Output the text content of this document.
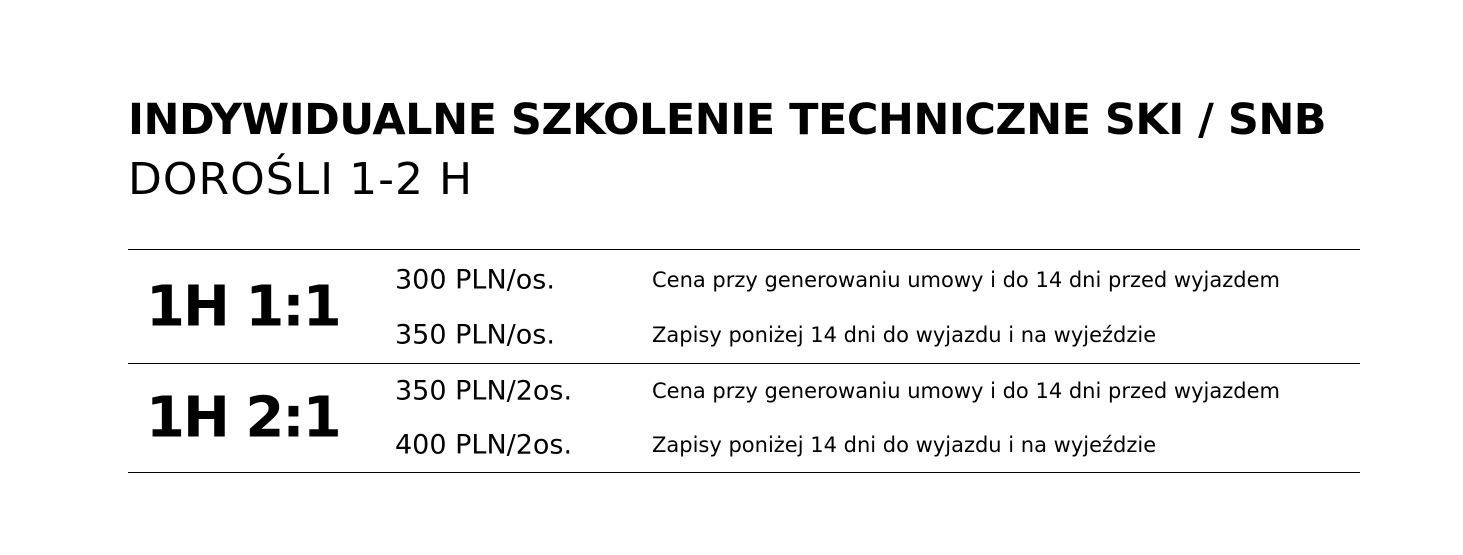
INDYWIDUALNE SZKOLENIE TECHNICZNE SKI / SNB
DOROŚLI 1-2 H
1H 1:1 300 PLN/os.	Cena przy generowaniu umowy i do 14 dni przed wyjazdem
350 PLN/os.	Zapisy poniżej 14 dni do wyjazdu i na wyjeździe
1H 2:1 350 PLN/2os.	Cena przy generowaniu umowy i do 14 dni przed wyjazdem
400 PLN/2os.	Zapisy poniżej 14 dni do wyjazdu i na wyjeździe
